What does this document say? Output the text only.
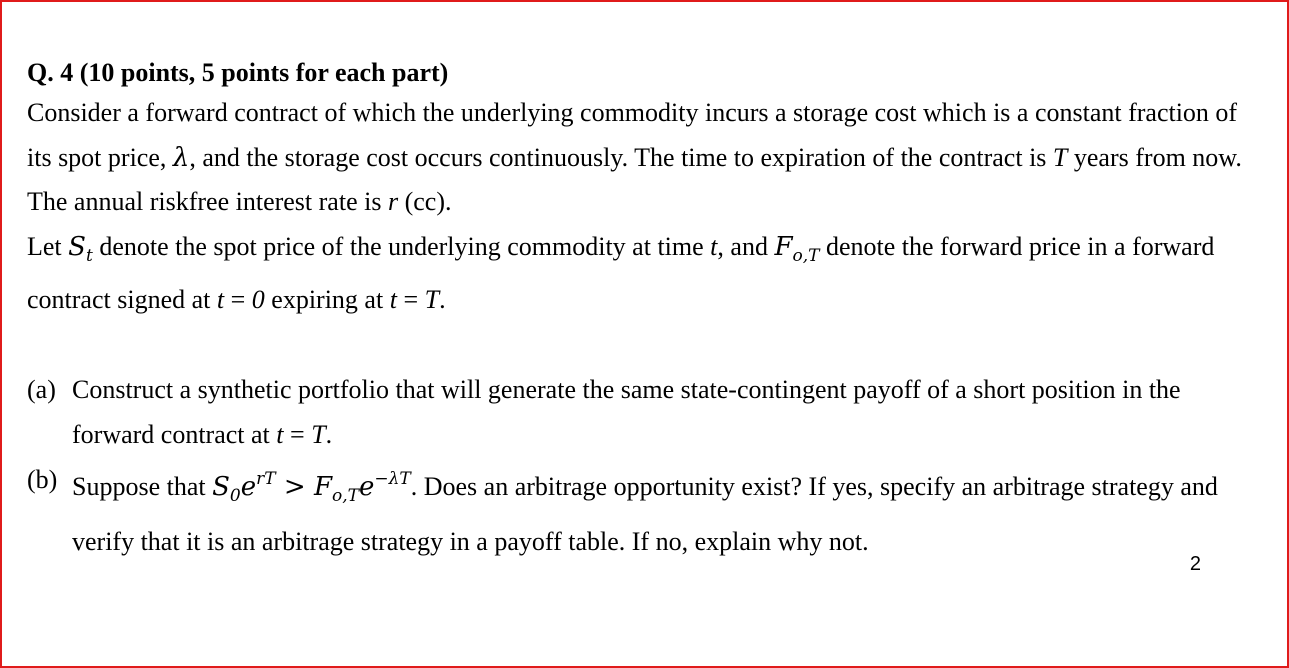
Q. 4 (10 points, 5 points for each part)

Consider a forward contract of which the underlying commodity incurs a storage cost which is a constant fraction of its spot price, λ, and the storage cost occurs continuously. The time to expiration of the contract is T years from now. The annual riskfree interest rate is r (cc).

Let $S_t$ denote the spot price of the underlying commodity at time t, and $F_{o,T}$ denote the forward price in a forward contract signed at t = 0 expiring at t = T.

(a) Construct a synthetic portfolio that will generate the same state-contingent payoff of a short position in the forward contract at t = T.

(b) Suppose that $S_0e^{rT} > F_{o,T}e^{-\lambda T}$. Does an arbitrage opportunity exist? If yes, specify an arbitrage strategy and verify that it is an arbitrage strategy in a payoff table. If no, explain why not.

2
